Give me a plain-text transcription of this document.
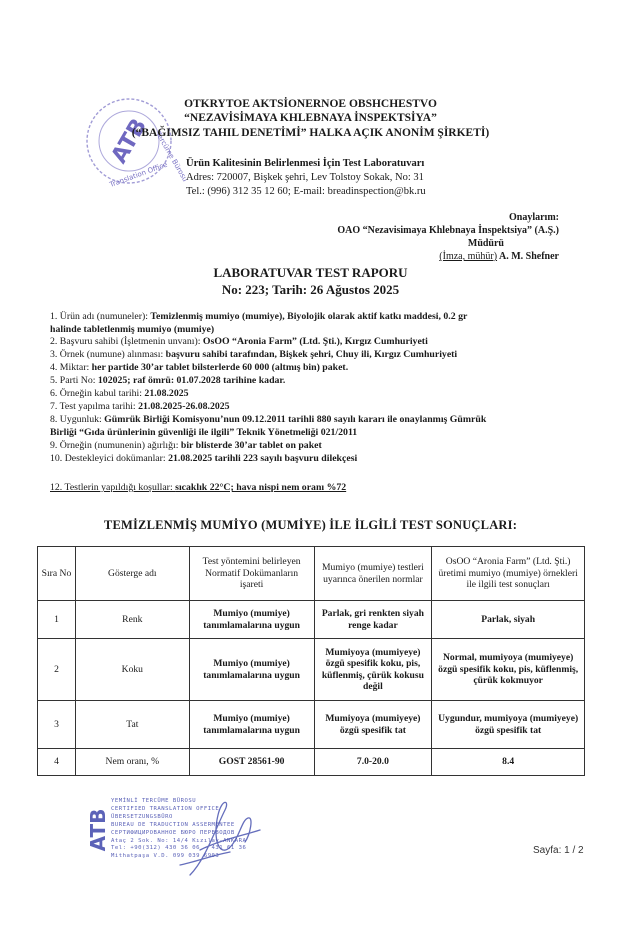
ATB Tercüme Bürosu
Translation Office
OTKRYTOE AKTSİONERNOE OBSHCHESTVO
“NEZAVİSİMAYA KHLEBNAYA İNSPEKTSİYA”
(“BAĞIMSIZ TAHIL DENETİMİ” HALKA AÇIK ANONİM ŞİRKETİ)
Ürün Kalitesinin Belirlenmesi İçin Test Laboratuvarı
Adres: 720007, Bişkek şehri, Lev Tolstoy Sokak, No: 31
Tel.: (996) 312 35 12 60; E-mail: breadinspection@bk.ru
Onaylarım:
OAO “Nezavisimaya Khlebnaya İnspektsiya” (A.Ş.)
Müdürü
(İmza, mühür) A. M. Shefner
LABORATUVAR TEST RAPORU
No: 223; Tarih: 26 Ağustos 2025
1. Ürün adı (numuneler): Temizlenmiş mumiyo (mumiye), Biyolojik olarak aktif katkı maddesi, 0.2 gr
halinde tabletlenmiş mumiyo (mumiye)
2. Başvuru sahibi (İşletmenin unvanı): OsOO “Aronia Farm” (Ltd. Şti.), Kırgız Cumhuriyeti
3. Örnek (numune) alınması: başvuru sahibi tarafından, Bişkek şehri, Chuy ili, Kırgız Cumhuriyeti
4. Miktar: her partide 30’ar tablet bilsterlerde 60 000 (altmış bin) paket.
5. Parti No: 102025; raf ömrü: 01.07.2028 tarihine kadar.
6. Örneğin kabul tarihi: 21.08.2025
7. Test yapılma tarihi: 21.08.2025-26.08.2025
8. Uygunluk: Gümrük Birliği Komisyonu’nun 09.12.2011 tarihli 880 sayılı kararı ile onaylanmış Gümrük
Birliği “Gıda ürünlerinin güvenliği ile ilgili” Teknik Yönetmeliği 021/2011
9. Örneğin (numunenin) ağırlığı: bir blisterde 30’ar tablet on paket
10. Destekleyici dokümanlar: 21.08.2025 tarihli 223 sayılı başvuru dilekçesi
12. Testlerin yapıldığı koşullar: sıcaklık 22°C; hava nispi nem oranı %72
TEMİZLENMİŞ MUMİYO (MUMİYE) İLE İLGİLİ TEST SONUÇLARI:
Sıra No	Gösterge adı	Test yöntemini belirleyen Normatif Dokümanların işareti	Mumiyo (mumiye) testleri uyarınca önerilen normlar	OsOO “Aronia Farm” (Ltd. Şti.) üretimi mumiyo (mumiye) örnekleri ile ilgili test sonuçları
1	Renk	Mumiyo (mumiye) tanımlamalarına uygun	Parlak, gri renkten siyah renge kadar	Parlak, siyah
2	Koku	Mumiyo (mumiye) tanımlamalarına uygun	Mumiyoya (mumiyeye) özgü spesifik koku, pis, küflenmiş, çürük kokusu değil	Normal, mumiyoya (mumiyeye) özgü spesifik koku, pis, küflenmiş, çürük kokmuyor
3	Tat	Mumiyo (mumiye) tanımlamalarına uygun	Mumiyoya (mumiyeye) özgü spesifik tat	Uygundur, mumiyoya (mumiyeye) özgü spesifik tat
4	Nem oranı, %	GOST 28561-90	7.0-20.0	8.4
ATB
YEMİNLİ TERCÜME BÜROSU
CERTIFIED TRANSLATION OFFICE
ÜBERSETZUNGSBÜRO
BUREAU DE TRADUCTION ASSERMENTEE
СЕРТИФИЦИРОВАННОЕ БЮРО ПЕРЕВОДОВ
Ataç 2 Sok. No: 14/4 Kızılay-ANKARA
Tel: +90(312) 430 36 06 - 431 61 36
Mithatpaşa V.D. 099 039 6903
Sayfa: 1 / 2
